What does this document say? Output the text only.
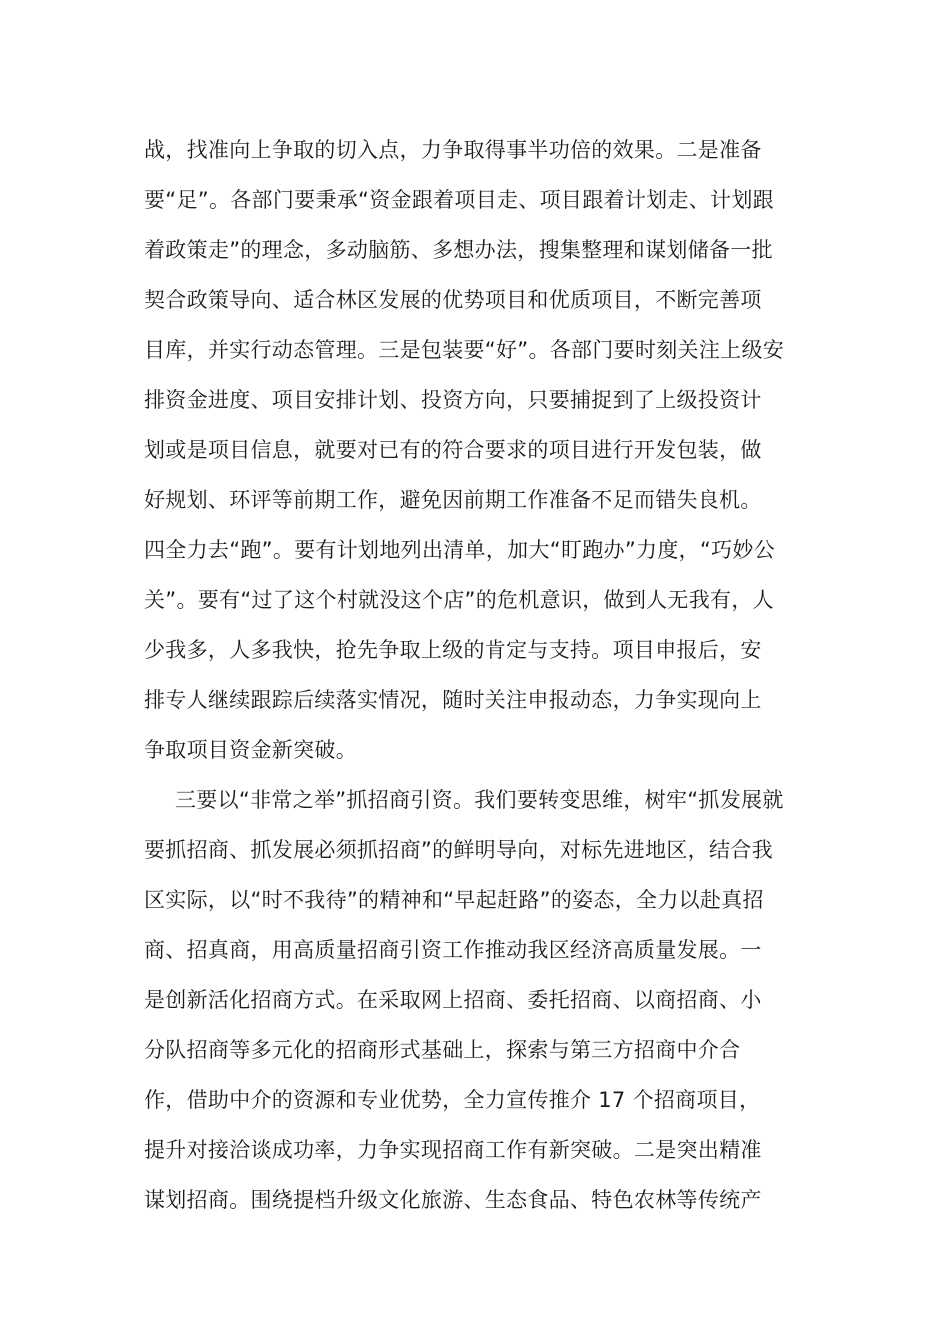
战，找准向上争取的切入点，力争取得事半功倍的效果。二是准备
要“足”。各部门要秉承“资金跟着项目走、项目跟着计划走、计划跟
着政策走”的理念，多动脑筋、多想办法，搜集整理和谋划储备一批
契合政策导向、适合林区发展的优势项目和优质项目，不断完善项
目库，并实行动态管理。三是包装要“好”。各部门要时刻关注上级安
排资金进度、项目安排计划、投资方向，只要捕捉到了上级投资计
划或是项目信息，就要对已有的符合要求的项目进行开发包装，做
好规划、环评等前期工作，避免因前期工作准备不足而错失良机。
四全力去“跑”。要有计划地列出清单，加大“盯跑办”力度，“巧妙公
关”。要有“过了这个村就没这个店”的危机意识，做到人无我有，人
少我多，人多我快，抢先争取上级的肯定与支持。项目申报后，安
排专人继续跟踪后续落实情况，随时关注申报动态，力争实现向上
争取项目资金新突破。
三要以“非常之举”抓招商引资。我们要转变思维，树牢“抓发展就
要抓招商、抓发展必须抓招商”的鲜明导向，对标先进地区，结合我
区实际，以“时不我待”的精神和“早起赶路”的姿态，全力以赴真招
商、招真商，用高质量招商引资工作推动我区经济高质量发展。一
是创新活化招商方式。在采取网上招商、委托招商、以商招商、小
分队招商等多元化的招商形式基础上，探索与第三方招商中介合
作，借助中介的资源和专业优势，全力宣传推介 17 个招商项目，
提升对接洽谈成功率，力争实现招商工作有新突破。二是突出精准
谋划招商。围绕提档升级文化旅游、生态食品、特色农林等传统产
